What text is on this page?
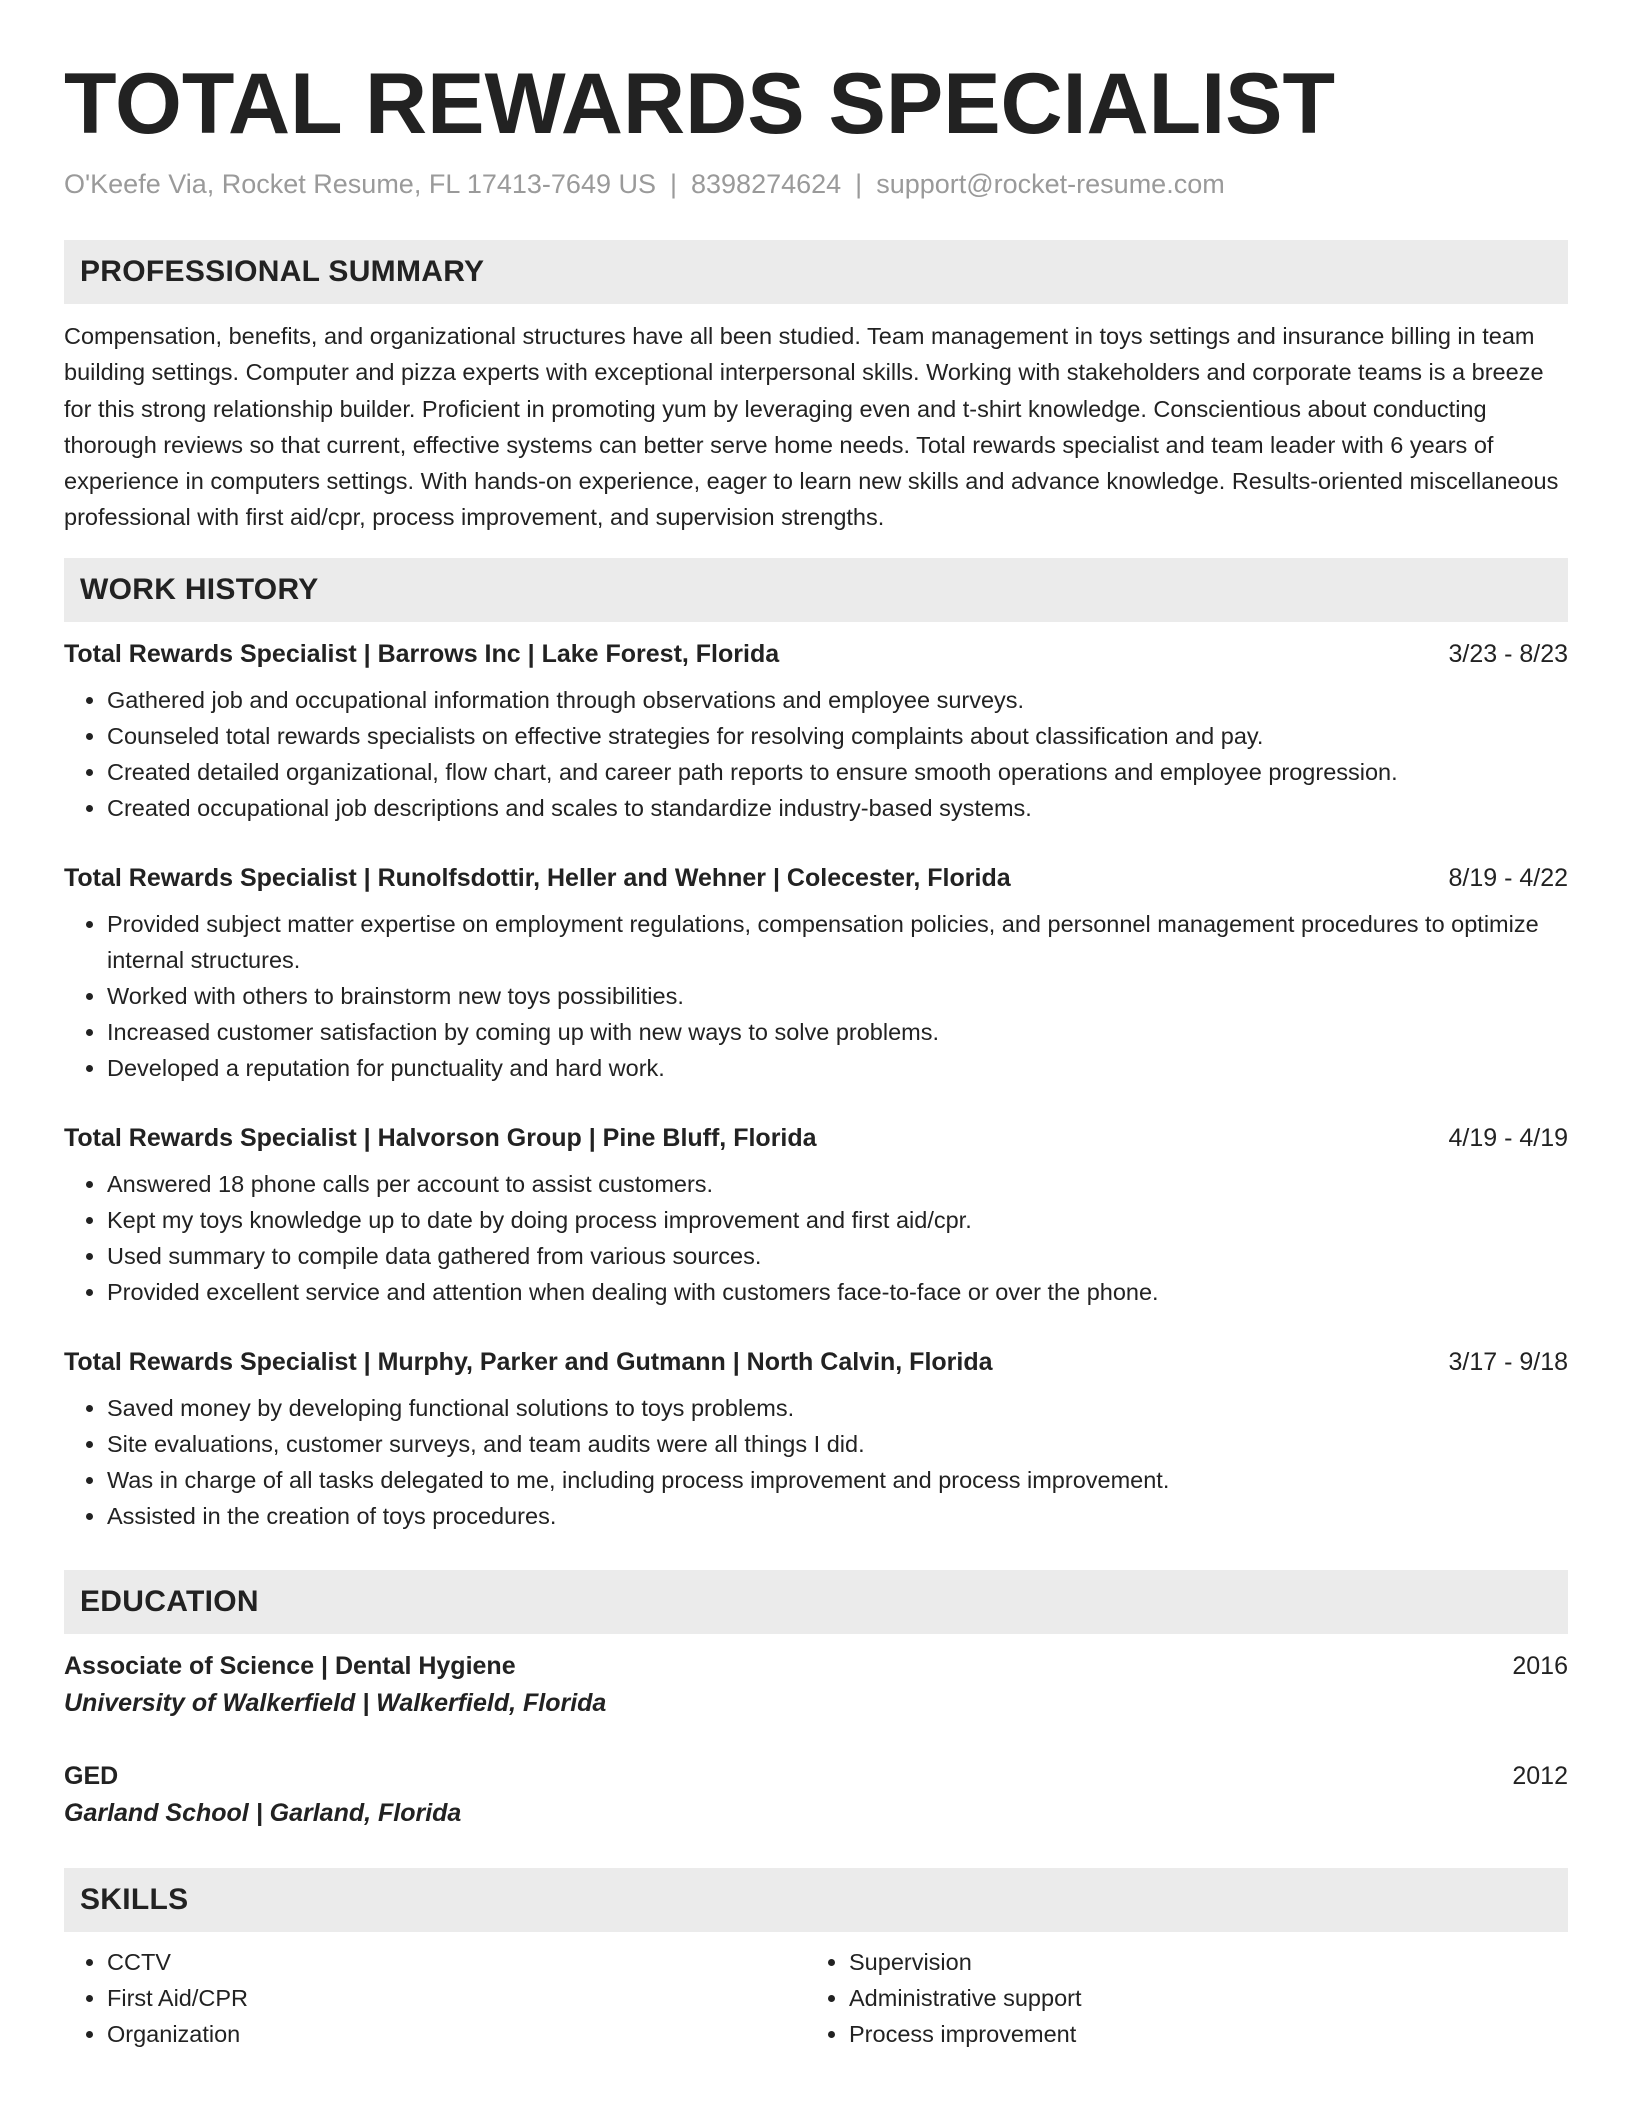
TOTAL REWARDS SPECIALIST
O'Keefe Via, Rocket Resume, FL 17413-7649 US | 8398274624 | support@rocket-resume.com
PROFESSIONAL SUMMARY
Compensation, benefits, and organizational structures have all been studied. Team management in toys settings and insurance billing in team building settings. Computer and pizza experts with exceptional interpersonal skills. Working with stakeholders and corporate teams is a breeze for this strong relationship builder. Proficient in promoting yum by leveraging even and t-shirt knowledge. Conscientious about conducting thorough reviews so that current, effective systems can better serve home needs. Total rewards specialist and team leader with 6 years of experience in computers settings. With hands-on experience, eager to learn new skills and advance knowledge. Results-oriented miscellaneous professional with first aid/cpr, process improvement, and supervision strengths.
WORK HISTORY
Total Rewards Specialist | Barrows Inc | Lake Forest, Florida	3/23 - 8/23
• Gathered job and occupational information through observations and employee surveys.
• Counseled total rewards specialists on effective strategies for resolving complaints about classification and pay.
• Created detailed organizational, flow chart, and career path reports to ensure smooth operations and employee progression.
• Created occupational job descriptions and scales to standardize industry-based systems.
Total Rewards Specialist | Runolfsdottir, Heller and Wehner | Colecester, Florida	8/19 - 4/22
• Provided subject matter expertise on employment regulations, compensation policies, and personnel management procedures to optimize internal structures.
• Worked with others to brainstorm new toys possibilities.
• Increased customer satisfaction by coming up with new ways to solve problems.
• Developed a reputation for punctuality and hard work.
Total Rewards Specialist | Halvorson Group | Pine Bluff, Florida	4/19 - 4/19
• Answered 18 phone calls per account to assist customers.
• Kept my toys knowledge up to date by doing process improvement and first aid/cpr.
• Used summary to compile data gathered from various sources.
• Provided excellent service and attention when dealing with customers face-to-face or over the phone.
Total Rewards Specialist | Murphy, Parker and Gutmann | North Calvin, Florida	3/17 - 9/18
• Saved money by developing functional solutions to toys problems.
• Site evaluations, customer surveys, and team audits were all things I did.
• Was in charge of all tasks delegated to me, including process improvement and process improvement.
• Assisted in the creation of toys procedures.
EDUCATION
Associate of Science | Dental Hygiene	2016
University of Walkerfield | Walkerfield, Florida
GED	2012
Garland School | Garland, Florida
SKILLS
• CCTV
• First Aid/CPR
• Organization
• Supervision
• Administrative support
• Process improvement
